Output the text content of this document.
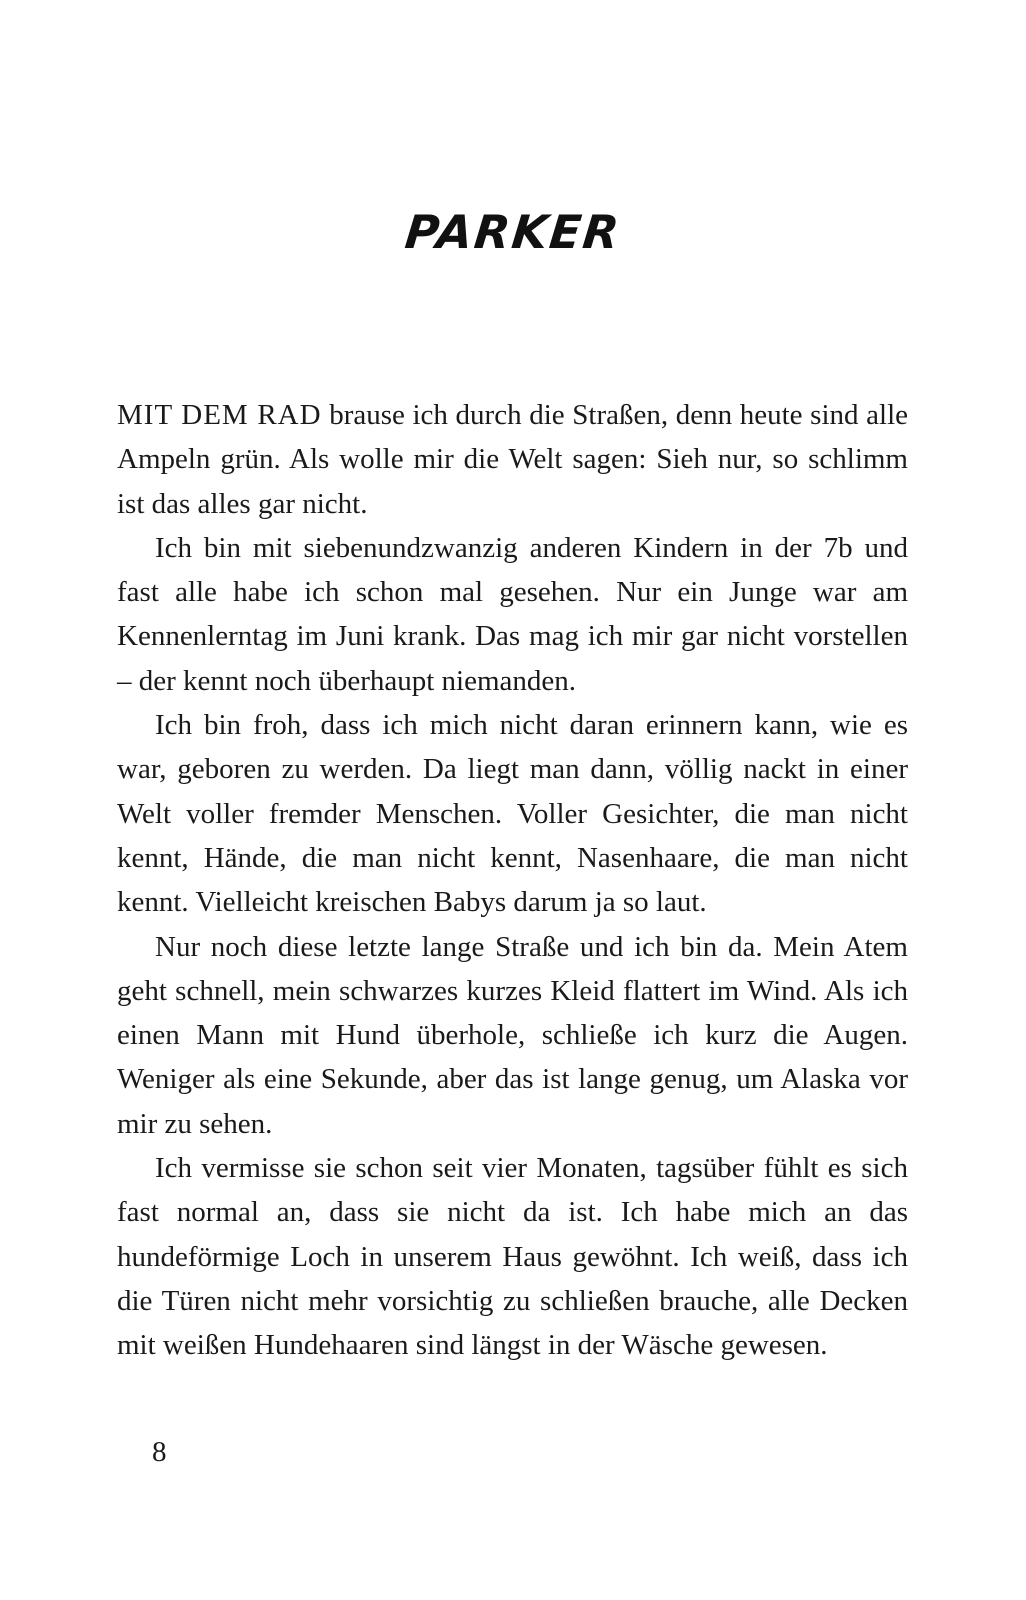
PARKER

MIT DEM RAD brause ich durch die Straßen, denn heute sind alle Ampeln grün. Als wolle mir die Welt sagen: Sieh nur, so schlimm ist das alles gar nicht.

Ich bin mit siebenundzwanzig anderen Kindern in der 7b und fast alle habe ich schon mal gesehen. Nur ein Junge war am Kennenlerntag im Juni krank. Das mag ich mir gar nicht vorstellen – der kennt noch überhaupt niemanden.

Ich bin froh, dass ich mich nicht daran erinnern kann, wie es war, geboren zu werden. Da liegt man dann, völlig nackt in einer Welt voller fremder Menschen. Voller Gesichter, die man nicht kennt, Hände, die man nicht kennt, Nasenhaare, die man nicht kennt. Vielleicht kreischen Babys darum ja so laut.

Nur noch diese letzte lange Straße und ich bin da. Mein Atem geht schnell, mein schwarzes kurzes Kleid flattert im Wind. Als ich einen Mann mit Hund überhole, schließe ich kurz die Augen. Weniger als eine Sekunde, aber das ist lange genug, um Alaska vor mir zu sehen.

Ich vermisse sie schon seit vier Monaten, tagsüber fühlt es sich fast normal an, dass sie nicht da ist. Ich habe mich an das hundeförmige Loch in unserem Haus gewöhnt. Ich weiß, dass ich die Türen nicht mehr vorsichtig zu schließen brauche, alle Decken mit weißen Hundehaaren sind längst in der Wäsche gewesen.

8
